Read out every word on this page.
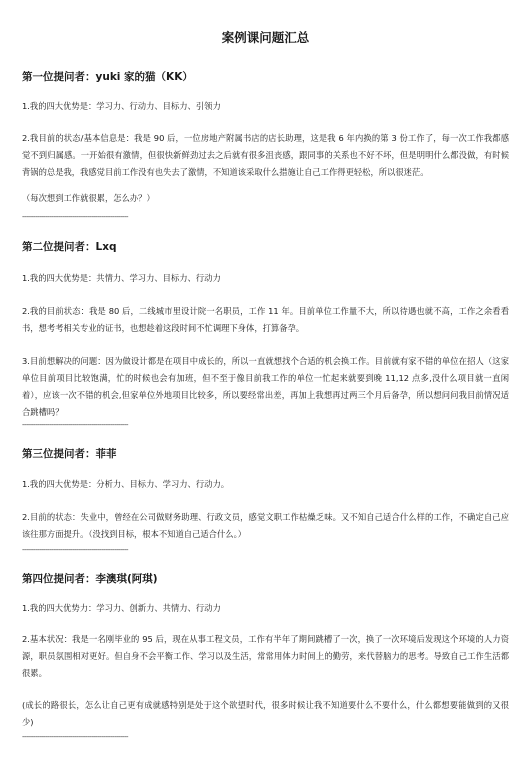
案例课问题汇总
第一位提问者：yuki 家的猫（KK）
1.我的四大优势是：学习力、行动力、目标力、引领力
2.我目前的状态/基本信息是：我是 90 后，一位房地产附属书店的店长助理，这是我 6 年内换的第 3 份工作了，每一次工作我都感觉不到归属感。一开始很有激情，但很快新鲜劲过去之后就有很多沮丧感，跟同事的关系也不好不坏，但是明明什么都没做，有时候背锅的总是我，我感觉目前工作没有也失去了激情，不知道该采取什么措施让自己工作得更轻松，所以很迷茫。
（每次想到工作就很累，怎么办？）
-------------------------------------------------------
第二位提问者：Lxq
1.我的四大优势是：共情力、学习力、目标力、行动力
2.我的目前状态：我是 80 后，二线城市里设计院一名职员，工作 11 年。目前单位工作量不大，所以待遇也就不高，工作之余看看书，想考考相关专业的证书，也想趁着这段时间不忙调理下身体，打算备孕。
3.目前想解决的问题：因为做设计都是在项目中成长的，所以一直就想找个合适的机会换工作。目前就有家不错的单位在招人（这家单位目前项目比较饱满，忙的时候也会有加班，但不至于像目前我工作的单位一忙起来就要到晚 11,12 点多,没什么项目就一直闲着），应该一次不错的机会,但家单位外地项目比较多，所以要经常出差，再加上我想再过两三个月后备孕，所以想问问我目前情况适合跳槽吗？
-------------------------------------------------------
第三位提问者：菲菲
1.我的四大优势是：分析力、目标力、学习力、行动力。
2.目前的状态：失业中，曾经在公司做财务助理、行政文员，感觉文职工作枯燥乏味。又不知自己适合什么样的工作，不确定自己应该往那方面提升。（没找到目标，根本不知道自己适合什么。）
-------------------------------------------------------
第四位提问者：李澳琪(阿琪)
1.我的四大优势力：学习力、创新力、共情力、行动力
2.基本状况：我是一名刚毕业的 95 后，现在从事工程文员，工作有半年了期间跳槽了一次，换了一次环境后发现这个环境的人力资源，职员氛围相对更好。但自身不会平衡工作、学习以及生活，常常用体力时间上的勤劳，来代替脑力的思考。导致自己工作生活都很累。
(成长的路很长，怎么让自己更有成就感特别是处于这个欲望时代，很多时候让我不知道要什么不要什么，什么都想要能做到的又很少)
-------------------------------------------------------
